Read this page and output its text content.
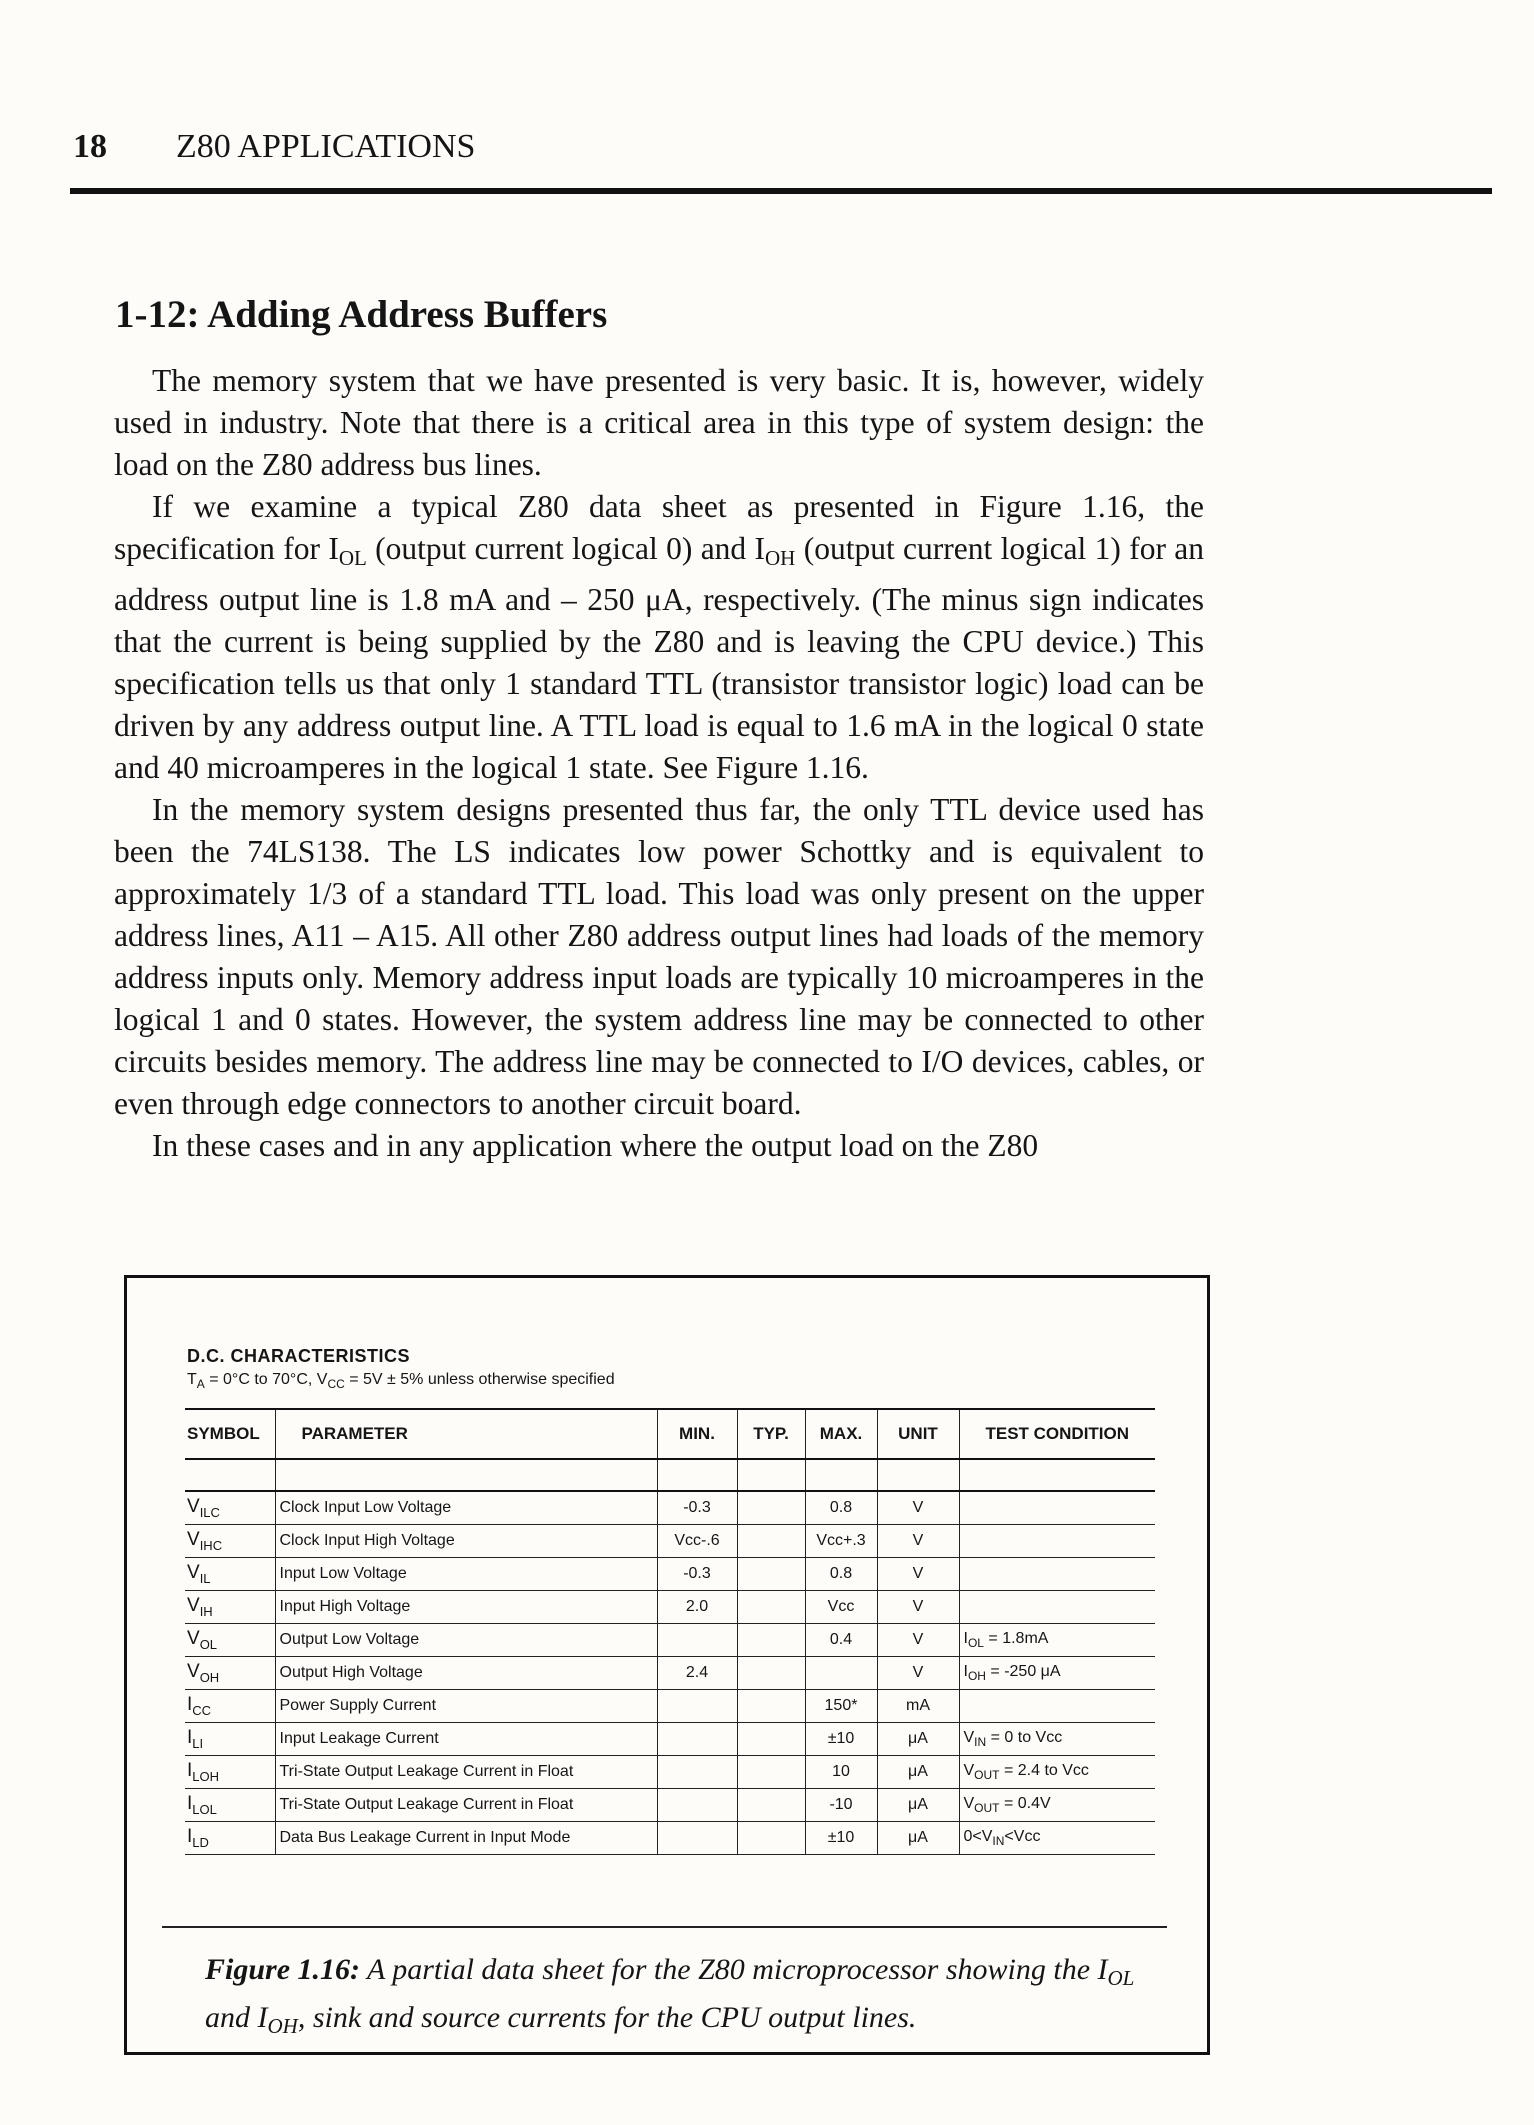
18 Z80 APPLICATIONS
1-12: Adding Address Buffers

The memory system that we have presented is very basic. It is, however, widely used in industry. Note that there is a critical area in this type of system design: the load on the Z80 address bus lines.

If we examine a typical Z80 data sheet as presented in Figure 1.16, the specification for $I_{OL}$ (output current logical 0) and $I_{OH}$ (output current logical 1) for an address output line is 1.8 mA and – 250 μA, respectively. (The minus sign indicates that the current is being supplied by the Z80 and is leaving the CPU device.) This specification tells us that only 1 standard TTL (transistor transistor logic) load can be driven by any address output line. A TTL load is equal to 1.6 mA in the logical 0 state and 40 microamperes in the logical 1 state. See Figure 1.16.

In the memory system designs presented thus far, the only TTL device used has been the 74LS138. The LS indicates low power Schottky and is equivalent to approximately 1/3 of a standard TTL load. This load was only present on the upper address lines, A11 – A15. All other Z80 address output lines had loads of the memory address inputs only. Memory address input loads are typically 10 microamperes in the logical 1 and 0 states. However, the system address line may be connected to other circuits besides memory. The address line may be connected to I/O devices, cables, or even through edge connectors to another circuit board.

In these cases and in any application where the output load on the Z80

D.C. CHARACTERISTICS
$T_A = 0^\circ C$ to 70°C, $V_{CC} = 5V \pm 5\%$ unless otherwise specified
SYMBOL	PARAMETER	MIN.	TYP.	MAX.	UNIT	TEST CONDITION

$V_{ILC}$	Clock Input Low Voltage	-0.3		0.8	V	
$V_{IHC}$	Clock Input High Voltage	Vcc-.6		Vcc+.3	V	
$V_{IL}$	Input Low Voltage	-0.3		0.8	V	
$V_{IH}$	Input High Voltage	2.0		Vcc	V	
$V_{OL}$	Output Low Voltage			0.4	V	$I_{OL} = 1.8mA$
$V_{OH}$	Output High Voltage	2.4			V	$I_{OH} = -250$ μA
$I_{CC}$	Power Supply Current			150*	mA	
$I_{LI}$	Input Leakage Current			±10	μA	$V_{IN} = 0$ to Vcc
$I_{LOH}$	Tri-State Output Leakage Current in Float			10	μA	$V_{OUT} = 2.4$ to Vcc
$I_{LOL}$	Tri-State Output Leakage Current in Float			-10	μA	$V_{OUT} = 0.4V$
$I_{LD}$	Data Bus Leakage Current in Input Mode			±10	μA	$0<V_{IN}<Vcc$
Figure 1.16: A partial data sheet for the Z80 microprocessor showing the $I_{OL}$ and $I_{OH}$, sink and source currents for the CPU output lines.
